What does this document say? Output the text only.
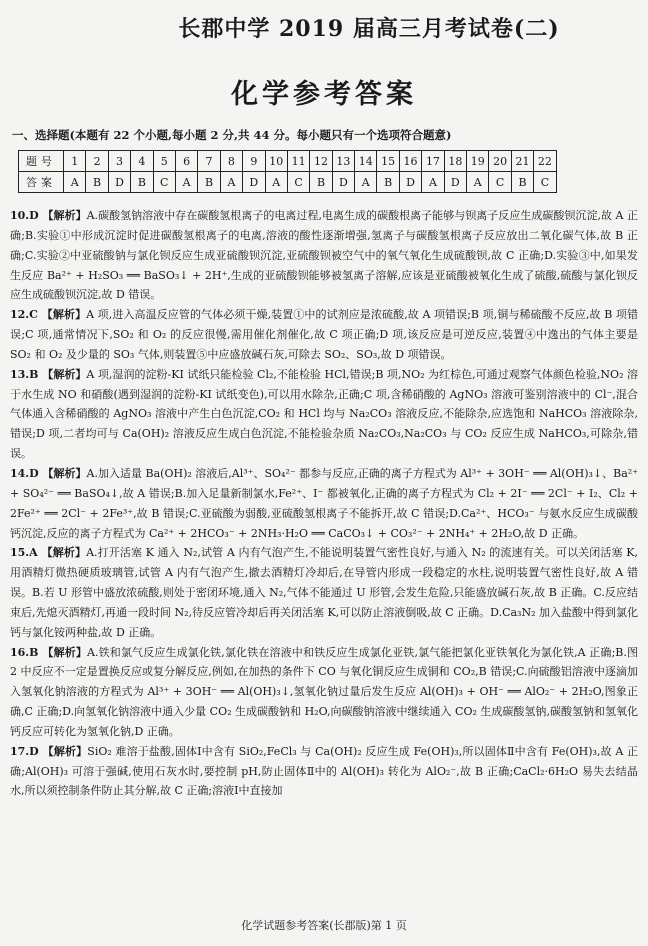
长郡中学 2019 届高三月考试卷(二)
化学参考答案
一、选择题(本题有 22 个小题,每小题 2 分,共 44 分。每小题只有一个选项符合题意)
题号	1	2	3	4	5	6	7	8	9	10	11	12	13	14	15	16	17	18	19	20	21	22
答案	A	B	D	B	C	A	B	A	D	A	C	B	D	A	B	D	A	D	A	C	B	C
10.D 【解析】A.碳酸氢钠溶液中存在碳酸氢根离子的电离过程,电离生成的碳酸根离子能够与钡离子反应生成碳酸钡沉淀,故 A 正确;B.实验①中形成沉淀时促进碳酸氢根离子的电离,溶液的酸性逐渐增强,氢离子与碳酸氢根离子反应放出二氧化碳气体,故 B 正确;C.实验②中亚硫酸钠与氯化钡反应生成亚硫酸钡沉淀,亚硫酸钡被空气中的氧气氧化生成硫酸钡,故 C 正确;D.实验③中,如果发生反应 Ba²⁺ + H₂SO₃ ══ BaSO₃↓ + 2H⁺,生成的亚硫酸钡能够被氢离子溶解,应该是亚硫酸被氧化生成了硫酸,硫酸与氯化钡反应生成硫酸钡沉淀,故 D 错误。
12.C 【解析】A 项,进入高温反应管的气体必须干燥,装置①中的试剂应是浓硫酸,故 A 项错误;B 项,铜与稀硫酸不反应,故 B 项错误;C 项,通常情况下,SO₂ 和 O₂ 的反应很慢,需用催化剂催化,故 C 项正确;D 项,该反应是可逆反应,装置④中逸出的气体主要是 SO₂ 和 O₂ 及少量的 SO₃ 气体,则装置⑤中应盛放碱石灰,可除去 SO₂、SO₃,故 D 项错误。
13.B 【解析】A 项,湿润的淀粉-KI 试纸只能检验 Cl₂,不能检验 HCl,错误;B 项,NO₂ 为红棕色,可通过观察气体颜色检验,NO₂ 溶于水生成 NO 和硝酸(遇到湿润的淀粉-KI 试纸变色),可以用水除杂,正确;C 项,含稀硝酸的 AgNO₃ 溶液可鉴别溶液中的 Cl⁻,混合气体通入含稀硝酸的 AgNO₃ 溶液中产生白色沉淀,CO₂ 和 HCl 均与 Na₂CO₃ 溶液反应,不能除杂,应选饱和 NaHCO₃ 溶液除杂,错误;D 项,二者均可与 Ca(OH)₂ 溶液反应生成白色沉淀,不能检验杂质 Na₂CO₃,Na₂CO₃ 与 CO₂ 反应生成 NaHCO₃,可除杂,错误。
14.D 【解析】A.加入适量 Ba(OH)₂ 溶液后,Al³⁺、SO₄²⁻ 都参与反应,正确的离子方程式为 Al³⁺ + 3OH⁻ ══ Al(OH)₃↓、Ba²⁺ + SO₄²⁻ ══ BaSO₄↓,故 A 错误;B.加入足量新制氯水,Fe²⁺、I⁻ 都被氧化,正确的离子方程式为 Cl₂ + 2I⁻ ══ 2Cl⁻ + I₂、Cl₂ + 2Fe²⁺ ══ 2Cl⁻ + 2Fe³⁺,故 B 错误;C.亚硫酸为弱酸,亚硫酸氢根离子不能拆开,故 C 错误;D.Ca²⁺、HCO₃⁻ 与氨水反应生成碳酸钙沉淀,反应的离子方程式为 Ca²⁺ + 2HCO₃⁻ + 2NH₃·H₂O ══ CaCO₃↓ + CO₃²⁻ + 2NH₄⁺ + 2H₂O,故 D 正确。
15.A 【解析】A.打开活塞 K 通入 N₂,试管 A 内有气泡产生,不能说明装置气密性良好,与通入 N₂ 的流速有关。可以关闭活塞 K,用酒精灯微热硬质玻璃管,试管 A 内有气泡产生,撤去酒精灯冷却后,在导管内形成一段稳定的水柱,说明装置气密性良好,故 A 错误。B.若 U 形管中盛放浓硫酸,则处于密闭环境,通入 N₂,气体不能通过 U 形管,会发生危险,只能盛放碱石灰,故 B 正确。C.反应结束后,先熄灭酒精灯,再通一段时间 N₂,待反应管冷却后再关闭活塞 K,可以防止溶液倒吸,故 C 正确。D.Ca₃N₂ 加入盐酸中得到氯化钙与氯化铵两种盐,故 D 正确。
16.B 【解析】A.铁和氯气反应生成氯化铁,氯化铁在溶液中和铁反应生成氯化亚铁,氯气能把氯化亚铁氧化为氯化铁,A 正确;B.图 2 中反应不一定是置换反应或复分解反应,例如,在加热的条件下 CO 与氧化铜反应生成铜和 CO₂,B 错误;C.向硫酸铝溶液中逐滴加入氢氧化钠溶液的方程式为 Al³⁺ + 3OH⁻ ══ Al(OH)₃↓,氢氧化钠过量后发生反应 Al(OH)₃ + OH⁻ ══ AlO₂⁻ + 2H₂O,图象正确,C 正确;D.向氢氧化钠溶液中通入少量 CO₂ 生成碳酸钠和 H₂O,向碳酸钠溶液中继续通入 CO₂ 生成碳酸氢钠,碳酸氢钠和氢氧化钙反应可转化为氢氧化钠,D 正确。
17.D 【解析】SiO₂ 难溶于盐酸,固体Ⅰ中含有 SiO₂,FeCl₃ 与 Ca(OH)₂ 反应生成 Fe(OH)₃,所以固体Ⅱ中含有 Fe(OH)₃,故 A 正确;Al(OH)₃ 可溶于强碱,使用石灰水时,要控制 pH,防止固体Ⅱ中的 Al(OH)₃ 转化为 AlO₂⁻,故 B 正确;CaCl₂·6H₂O 易失去结晶水,所以须控制条件防止其分解,故 C 正确;溶液Ⅰ中直接加
化学试题参考答案(长郡版)第 1 页
